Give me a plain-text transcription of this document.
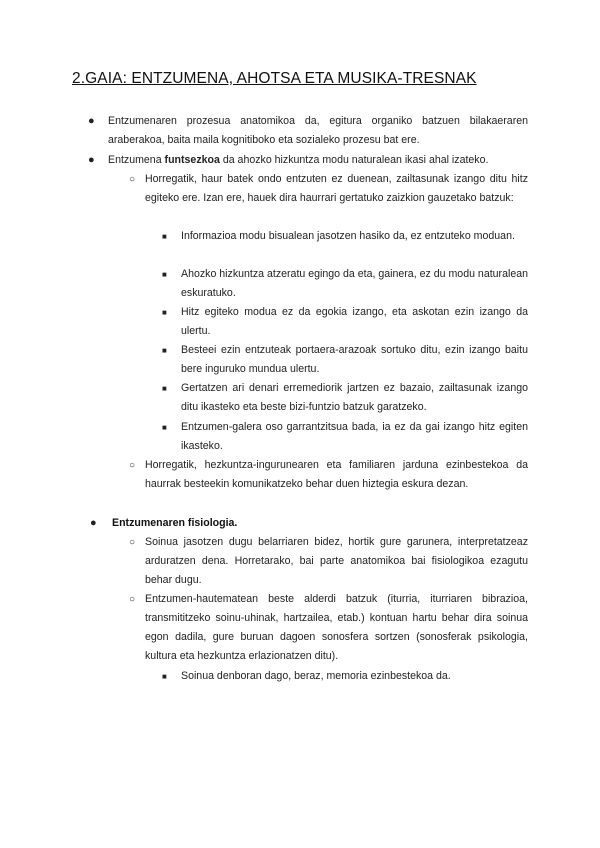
2.GAIA: ENTZUMENA, AHOTSA ETA MUSIKA-TRESNAK
● Entzumenaren prozesua anatomikoa da, egitura organiko batzuen bilakaeraren araberakoa, baita maila kognitiboko eta sozialeko prozesu bat ere.

● Entzumena funtsezkoa da ahozko hizkuntza modu naturalean ikasi ahal izateko.

○ Horregatik, haur batek ondo entzuten ez duenean, zailtasunak izango ditu hitz egiteko ere. Izan ere, hauek dira haurrari gertatuko zaizkion gauzetako batzuk:

■ Informazioa modu bisualean jasotzen hasiko da, ez entzuteko moduan.

■ Ahozko hizkuntza atzeratu egingo da eta, gainera, ez du modu naturalean eskuratuko.

■ Hitz egiteko modua ez da egokia izango, eta askotan ezin izango da ulertu.

■ Besteei ezin entzuteak portaera-arazoak sortuko ditu, ezin izango baitu bere inguruko mundua ulertu.

■ Gertatzen ari denari erremediorik jartzen ez bazaio, zailtasunak izango ditu ikasteko eta beste bizi-funtzio batzuk garatzeko.

■ Entzumen-galera oso garrantzitsua bada, ia ez da gai izango hitz egiten ikasteko.

○ Horregatik, hezkuntza-ingurunearen eta familiaren jarduna ezinbestekoa da haurrak besteekin komunikatzeko behar duen hiztegia eskura dezan.

● Entzumenaren fisiologia.

○ Soinua jasotzen dugu belarriaren bidez, hortik gure garunera, interpretatzeaz arduratzen dena. Horretarako, bai parte anatomikoa bai fisiologikoa ezagutu behar dugu.

○ Entzumen-hautematean beste alderdi batzuk (iturria, iturriaren bibrazioa, transmititzeko soinu-uhinak, hartzailea, etab.) kontuan hartu behar dira soinua egon dadila, gure buruan dagoen sonosfera sortzen (sonosferak psikologia, kultura eta hezkuntza erlazionatzen ditu).

■ Soinua denboran dago, beraz, memoria ezinbestekoa da.
